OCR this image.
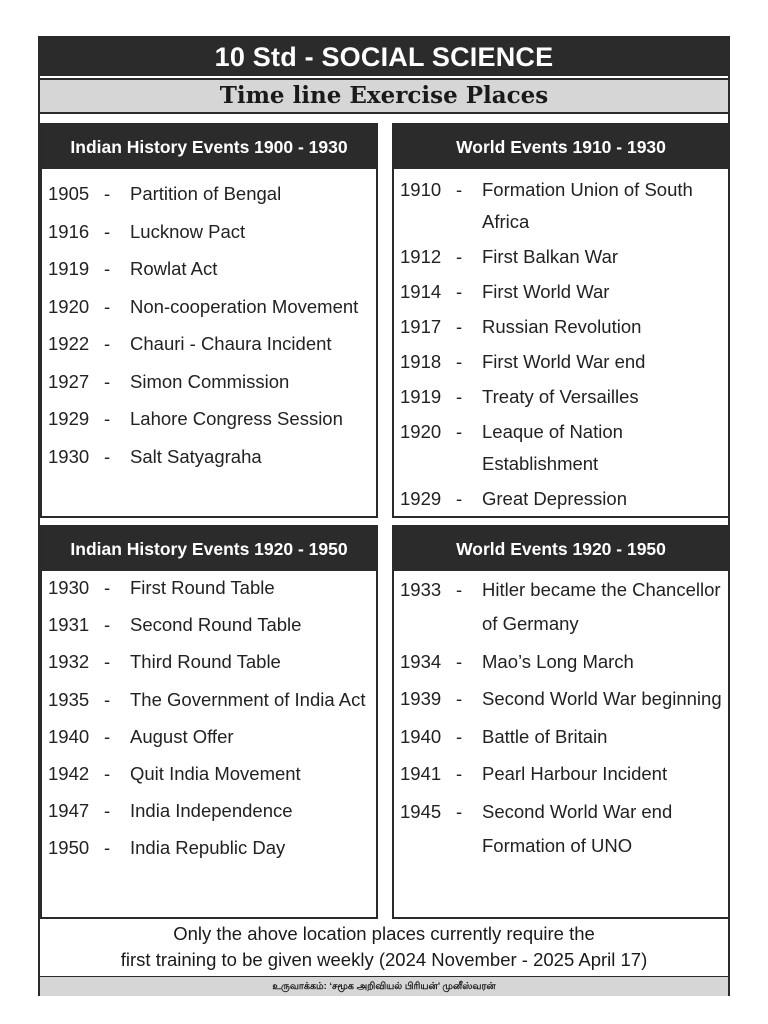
10 Std - SOCIAL SCIENCE
Time line Exercise Places
Indian History Events 1900 - 1930
1905 -	Partition of Bengal
1916 -	Lucknow Pact
1919 -	Rowlat Act
1920 -	Non-cooperation Movement
1922 -	Chauri - Chaura Incident
1927 -	Simon Commission
1929 -	Lahore Congress Session
1930 -	Salt Satyagraha
World Events 1910 - 1930
1910 -	Formation Union of South Africa
1912 -	First Balkan War
1914 -	First World War
1917 -	Russian Revolution
1918 -	First World War end
1919 -	Treaty of Versailles
1920 -	Leaque of Nation Establishment
1929 -	Great Depression
Indian History Events 1920 - 1950
1930 -	First Round Table
1931 -	Second Round Table
1932 -	Third Round Table
1935 -	The Government of India Act
1940 -	August Offer
1942 -	Quit India Movement
1947 -	India Independence
1950 -	India Republic Day
World Events 1920 - 1950
1933 -	Hitler became the Chancellor of Germany
1934 -	Mao’s Long March
1939 -	Second World War beginning
1940 -	Battle of Britain
1941 -	Pearl Harbour Incident
1945 -	Second World War end Formation of UNO
Only the ahove location places currently require the
first training to be given weekly (2024 November - 2025 April 17)
உருவாக்கம்: ‘சமூக அறிவியல் பிரியன்’ முனீஸ்வரன்
